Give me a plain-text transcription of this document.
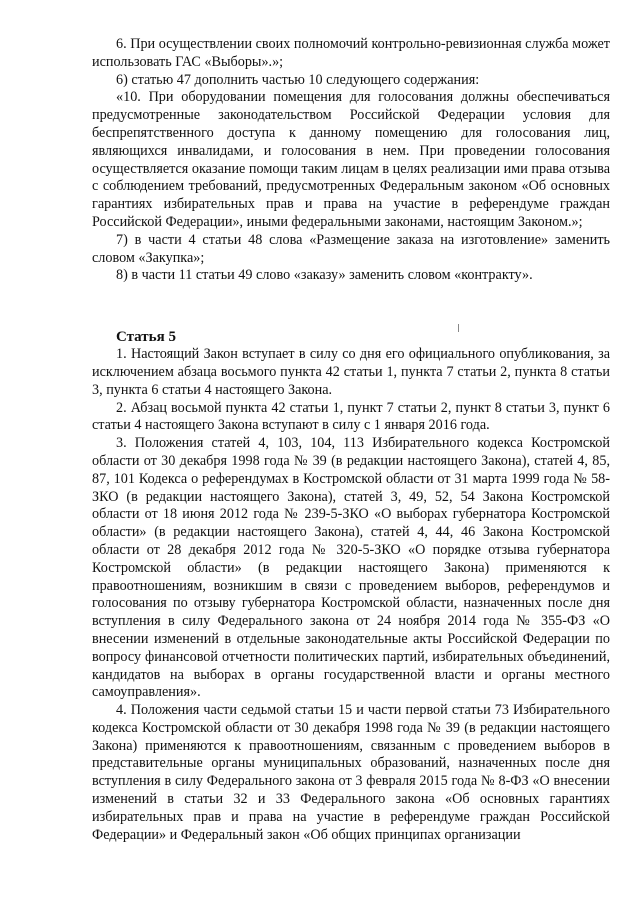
6. При осуществлении своих полномочий контрольно-ревизионная служба может использовать ГАС «Выборы».»;

6) статью 47 дополнить частью 10 следующего содержания:

«10. При оборудовании помещения для голосования должны обеспечиваться предусмотренные законодательством Российской Федерации условия для беспрепятственного доступа к данному помещению для голосования лиц, являющихся инвалидами, и голосования в нем. При проведении голосования осуществляется оказание помощи таким лицам в целях реализации ими права отзыва с соблюдением требований, предусмотренных Федеральным законом «Об основных гарантиях избирательных прав и права на участие в референдуме граждан Российской Федерации», иными федеральными законами, настоящим Законом.»;

7) в части 4 статьи 48 слова «Размещение заказа на изготовление» заменить словом «Закупка»;

8) в части 11 статьи 49 слово «заказу» заменить словом «контракту».

Статья 5

1. Настоящий Закон вступает в силу со дня его официального опубликования, за исключением абзаца восьмого пункта 42 статьи 1, пункта 7 статьи 2, пункта 8 статьи 3, пункта 6 статьи 4 настоящего Закона.

2. Абзац восьмой пункта 42 статьи 1, пункт 7 статьи 2, пункт 8 статьи 3, пункт 6 статьи 4 настоящего Закона вступают в силу с 1 января 2016 года.

3. Положения статей 4, 103, 104, 113 Избирательного кодекса Костромской области от 30 декабря 1998 года № 39 (в редакции настоящего Закона), статей 4, 85, 87, 101 Кодекса о референдумах в Костромской области от 31 марта 1999 года № 58-ЗКО (в редакции настоящего Закона), статей 3, 49, 52, 54 Закона Костромской области от 18 июня 2012 года № 239-5-ЗКО «О выборах губернатора Костромской области» (в редакции настоящего Закона), статей 4, 44, 46 Закона Костромской области от 28 декабря 2012 года № 320-5-ЗКО «О порядке отзыва губернатора Костромской области» (в редакции настоящего Закона) применяются к правоотношениям, возникшим в связи с проведением выборов, референдумов и голосования по отзыву губернатора Костромской области, назначенных после дня вступления в силу Федерального закона от 24 ноября 2014 года № 355-ФЗ «О внесении изменений в отдельные законодательные акты Российской Федерации по вопросу финансовой отчетности политических партий, избирательных объединений, кандидатов на выборах в органы государственной власти и органы местного самоуправления».

4. Положения части седьмой статьи 15 и части первой статьи 73 Избирательного кодекса Костромской области от 30 декабря 1998 года № 39 (в редакции настоящего Закона) применяются к правоотношениям, связанным с проведением выборов в представительные органы муниципальных образований, назначенных после дня вступления в силу Федерального закона от 3 февраля 2015 года № 8-ФЗ «О внесении изменений в статьи 32 и 33 Федерального закона «Об основных гарантиях избирательных прав и права на участие в референдуме граждан Российской Федерации» и Федеральный закон «Об общих принципах организации
